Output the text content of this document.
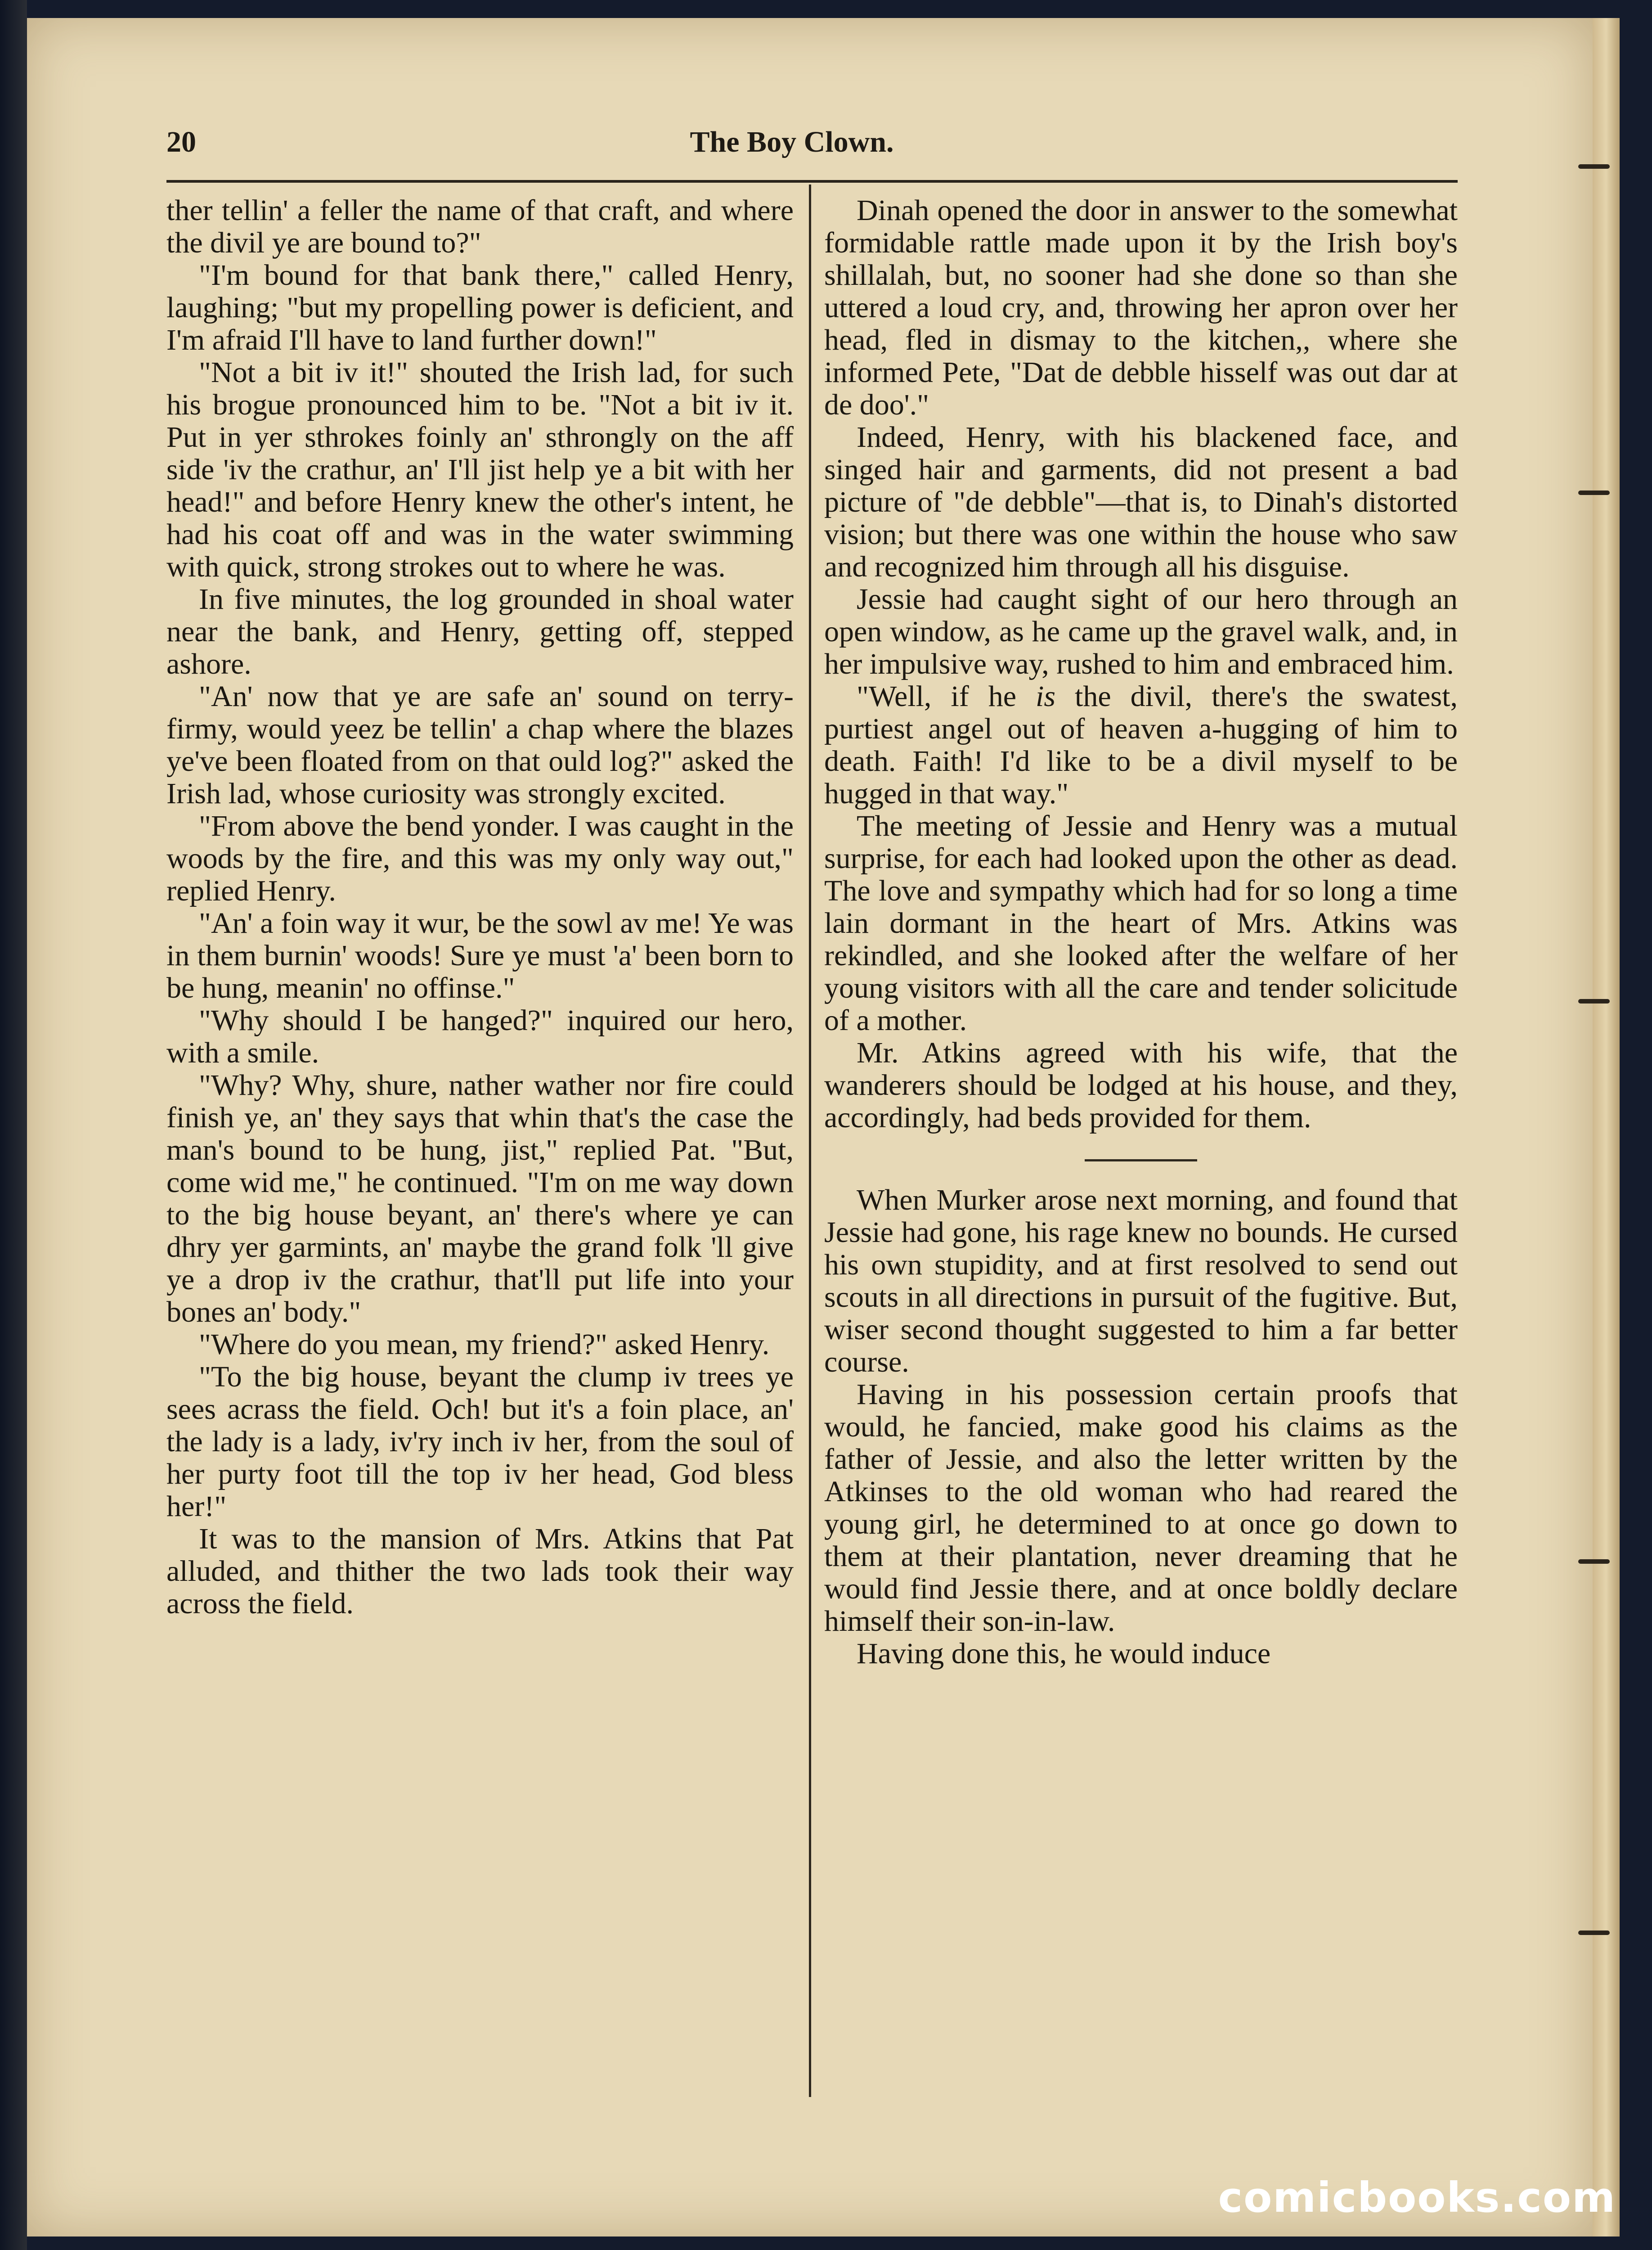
20	The Boy Clown.

ther tellin' a feller the name of that craft, and where the divil ye are bound to?"

"I'm bound for that bank there," called Henry, laughing; "but my propelling power is deficient, and I'm afraid I'll have to land further down!"

"Not a bit iv it!" shouted the Irish lad, for such his brogue pronounced him to be. "Not a bit iv it. Put in yer sthrokes foinly an' sthrongly on the aff side 'iv the crathur, an' I'll jist help ye a bit with her head!" and before Henry knew the other's intent, he had his coat off and was in the water swimming with quick, strong strokes out to where he was.

In five minutes, the log grounded in shoal water near the bank, and Henry, getting off, stepped ashore.

"An' now that ye are safe an' sound on terry-firmy, would yeez be tellin' a chap where the blazes ye've been floated from on that ould log?" asked the Irish lad, whose curiosity was strongly excited.

"From above the bend yonder. I was caught in the woods by the fire, and this was my only way out," replied Henry.

"An' a foin way it wur, be the sowl av me! Ye was in them burnin' woods! Sure ye must 'a' been born to be hung, meanin' no offinse."

"Why should I be hanged?" inquired our hero, with a smile.

"Why? Why, shure, nather wather nor fire could finish ye, an' they says that whin that's the case the man's bound to be hung, jist," replied Pat. "But, come wid me," he continued. "I'm on me way down to the big house beyant, an' there's where ye can dhry yer garmints, an' maybe the grand folk 'll give ye a drop iv the crathur, that'll put life into your bones an' body."

"Where do you mean, my friend?" asked Henry.

"To the big house, beyant the clump iv trees ye sees acrass the field. Och! but it's a foin place, an' the lady is a lady, iv'ry inch iv her, from the soul of her purty foot till the top iv her head, God bless her!"

It was to the mansion of Mrs. Atkins that Pat alluded, and thither the two lads took their way across the field.

Dinah opened the door in answer to the somewhat formidable rattle made upon it by the Irish boy's shillalah, but, no sooner had she done so than she uttered a loud cry, and, throwing her apron over her head, fled in dismay to the kitchen,, where she informed Pete, "Dat de debble hisself was out dar at de doo'."

Indeed, Henry, with his blackened face, and singed hair and garments, did not present a bad picture of "de debble"—that is, to Dinah's distorted vision; but there was one within the house who saw and recognized him through all his disguise.

Jessie had caught sight of our hero through an open window, as he came up the gravel walk, and, in her impulsive way, rushed to him and embraced him.

"Well, if he is the divil, there's the swatest, purtiest angel out of heaven a-hugging of him to death. Faith! I'd like to be a divil myself to be hugged in that way."

The meeting of Jessie and Henry was a mutual surprise, for each had looked upon the other as dead. The love and sympathy which had for so long a time lain dormant in the heart of Mrs. Atkins was rekindled, and she looked after the welfare of her young visitors with all the care and tender solicitude of a mother.

Mr. Atkins agreed with his wife, that the wanderers should be lodged at his house, and they, accordingly, had beds provided for them.

When Murker arose next morning, and found that Jessie had gone, his rage knew no bounds. He cursed his own stupidity, and at first resolved to send out scouts in all directions in pursuit of the fugitive. But, wiser second thought suggested to him a far better course.

Having in his possession certain proofs that would, he fancied, make good his claims as the father of Jessie, and also the letter written by the Atkinses to the old woman who had reared the young girl, he determined to at once go down to them at their plantation, never dreaming that he would find Jessie there, and at once boldly declare himself their son-in-law.

Having done this, he would induce

comicbooks.com
